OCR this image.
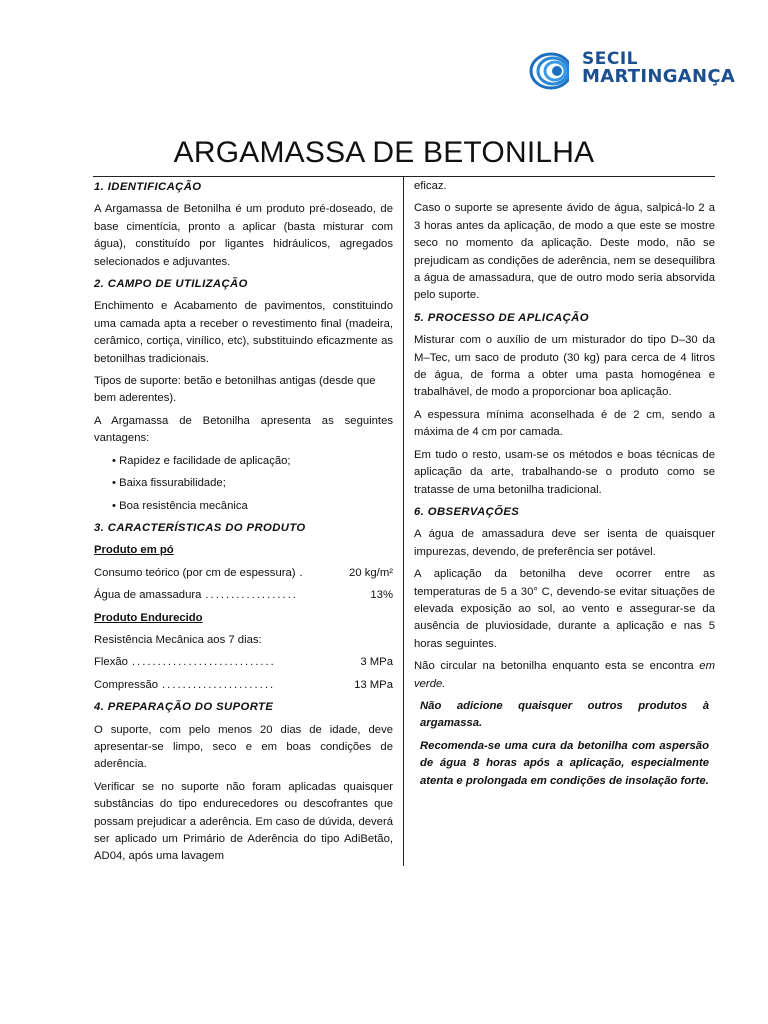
SECIL
MARTINGANÇA
ARGAMASSA DE BETONILHA
1. IDENTIFICAÇÃO

A Argamassa de Betonilha é um produto pré-doseado, de base cimentícia, pronto a aplicar (basta misturar com água), constituído por ligantes hidráulicos, agregados selecionados e adjuvantes.

2. CAMPO DE UTILIZAÇÃO

Enchimento e Acabamento de pavimentos, constituindo uma camada apta a receber o revestimento final (madeira, cerâmico, cortiça, vinílico, etc), substituindo eficazmente as betonilhas tradicionais.

Tipos de suporte: betão e betonilhas antigas (desde que bem aderentes).

A Argamassa de Betonilha apresenta as seguintes vantagens:

• Rapidez e facilidade de aplicação;
• Baixa fissurabilidade;
• Boa resistência mecânica
3. CARACTERÍSTICAS DO PRODUTO
Produto em pó
Consumo teórico (por cm de espessura) .	20 kg/m²
Água de amassadura ..................	13%
Produto Endurecido

Resistência Mecânica aos 7 dias:

Flexão ............................	3 MPa
Compressão ......................	13 MPa
4. PREPARAÇÃO DO SUPORTE

O suporte, com pelo menos 20 dias de idade, deve apresentar-se limpo, seco e em boas condições de aderência.

Verificar se no suporte não foram aplicadas quaisquer substâncias do tipo endurecedores ou descofrantes que possam prejudicar a aderência. Em caso de dúvida, deverá ser aplicado um Primário de Aderência do tipo AdiBetão, AD04, após uma lavagem

eficaz.

Caso o suporte se apresente ávido de água, salpicá-lo 2 a 3 horas antes da aplicação, de modo a que este se mostre seco no momento da aplicação. Deste modo, não se prejudicam as condições de aderência, nem se desequilibra a água de amassadura, que de outro modo seria absorvida pelo suporte.

5. PROCESSO DE APLICAÇÃO

Misturar com o auxílio de um misturador do tipo D–30 da M–Tec, um saco de produto (30 kg) para cerca de 4 litros de água, de forma a obter uma pasta homogénea e trabalhável, de modo a proporcionar boa aplicação.

A espessura mínima aconselhada é de 2 cm, sendo a máxima de 4 cm por camada.

Em tudo o resto, usam-se os métodos e boas técnicas de aplicação da arte, trabalhando-se o produto como se tratasse de uma betonilha tradicional.

6. OBSERVAÇÕES

A água de amassadura deve ser isenta de quaisquer impurezas, devendo, de preferência ser potável.

A aplicação da betonilha deve ocorrer entre as temperaturas de 5 a 30° C, devendo-se evitar situações de elevada exposição ao sol, ao vento e assegurar-se da ausência de pluviosidade, durante a aplicação e nas 5 horas seguintes.

Não circular na betonilha enquanto esta se encontra em verde.

Não adicione quaisquer outros produtos à argamassa.

Recomenda-se uma cura da betonilha com aspersão de água 8 horas após a aplicação, especialmente atenta e prolongada em condições de insolação forte.
